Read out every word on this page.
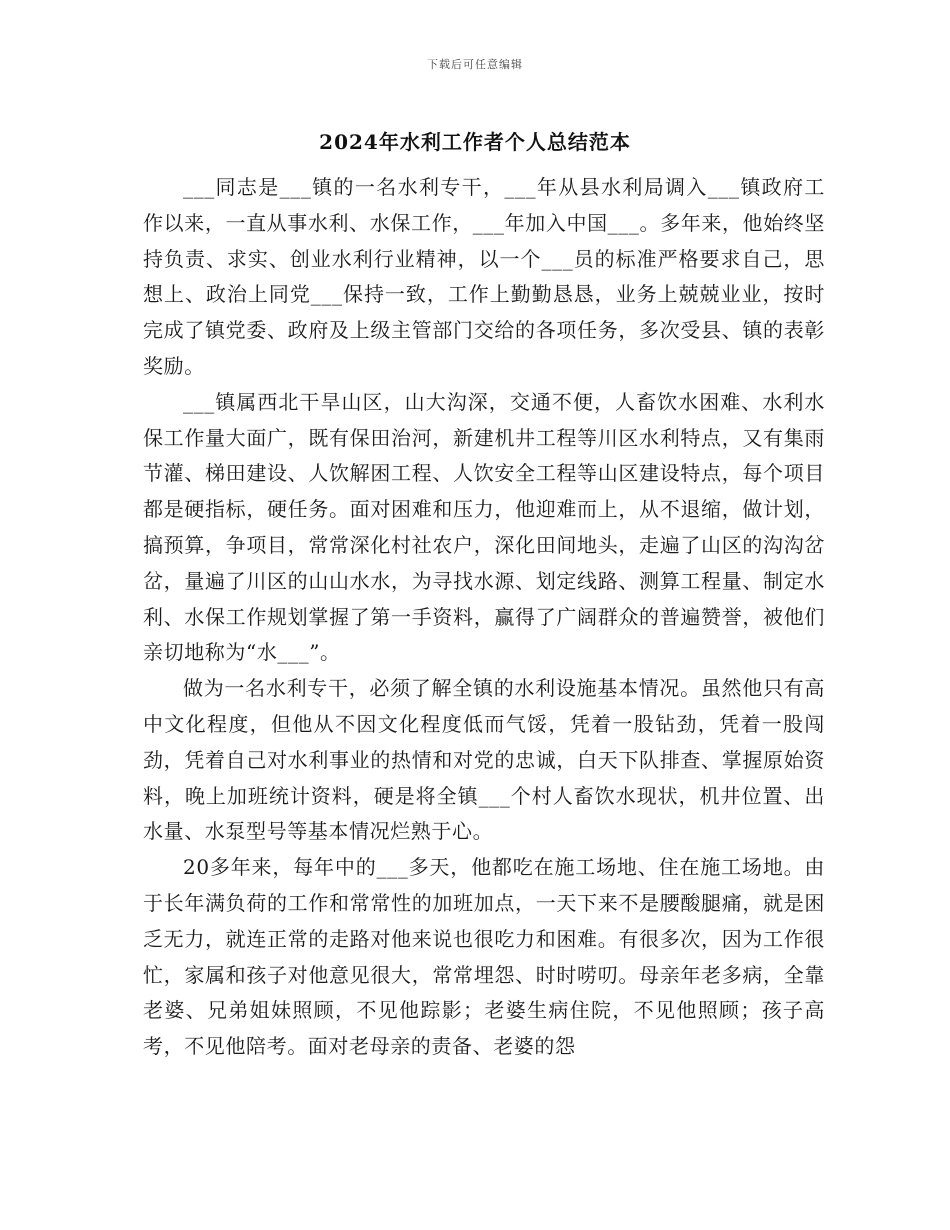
下载后可任意编辑
2024年水利工作者个人总结范本

___同志是___镇的一名水利专干，___年从县水利局调入___镇政府工作以来，一直从事水利、水保工作，___年加入中国___。多年来，他始终坚持负责、求实、创业水利行业精神，以一个___员的标准严格要求自己，思想上、政治上同党___保持一致，工作上勤勤恳恳，业务上兢兢业业，按时完成了镇党委、政府及上级主管部门交给的各项任务，多次受县、镇的表彰奖励。

___镇属西北干旱山区，山大沟深，交通不便，人畜饮水困难、水利水保工作量大面广，既有保田治河，新建机井工程等川区水利特点，又有集雨节灌、梯田建设、人饮解困工程、人饮安全工程等山区建设特点，每个项目都是硬指标，硬任务。面对困难和压力，他迎难而上，从不退缩，做计划，搞预算，争项目，常常深化村社农户，深化田间地头，走遍了山区的沟沟岔岔，量遍了川区的山山水水，为寻找水源、划定线路、测算工程量、制定水利、水保工作规划掌握了第一手资料，赢得了广阔群众的普遍赞誉，被他们亲切地称为“水___”。

做为一名水利专干，必须了解全镇的水利设施基本情况。虽然他只有高中文化程度，但他从不因文化程度低而气馁，凭着一股钻劲，凭着一股闯劲，凭着自己对水利事业的热情和对党的忠诚，白天下队排查、掌握原始资料，晚上加班统计资料，硬是将全镇___个村人畜饮水现状，机井位置、出水量、水泵型号等基本情况烂熟于心。

20多年来，每年中的___多天，他都吃在施工场地、住在施工场地。由于长年满负荷的工作和常常性的加班加点，一天下来不是腰酸腿痛，就是困乏无力，就连正常的走路对他来说也很吃力和困难。有很多次，因为工作很忙，家属和孩子对他意见很大，常常埋怨、时时唠叨。母亲年老多病，全靠老婆、兄弟姐妹照顾，不见他踪影；老婆生病住院，不见他照顾；孩子高考，不见他陪考。面对老母亲的责备、老婆的怨
